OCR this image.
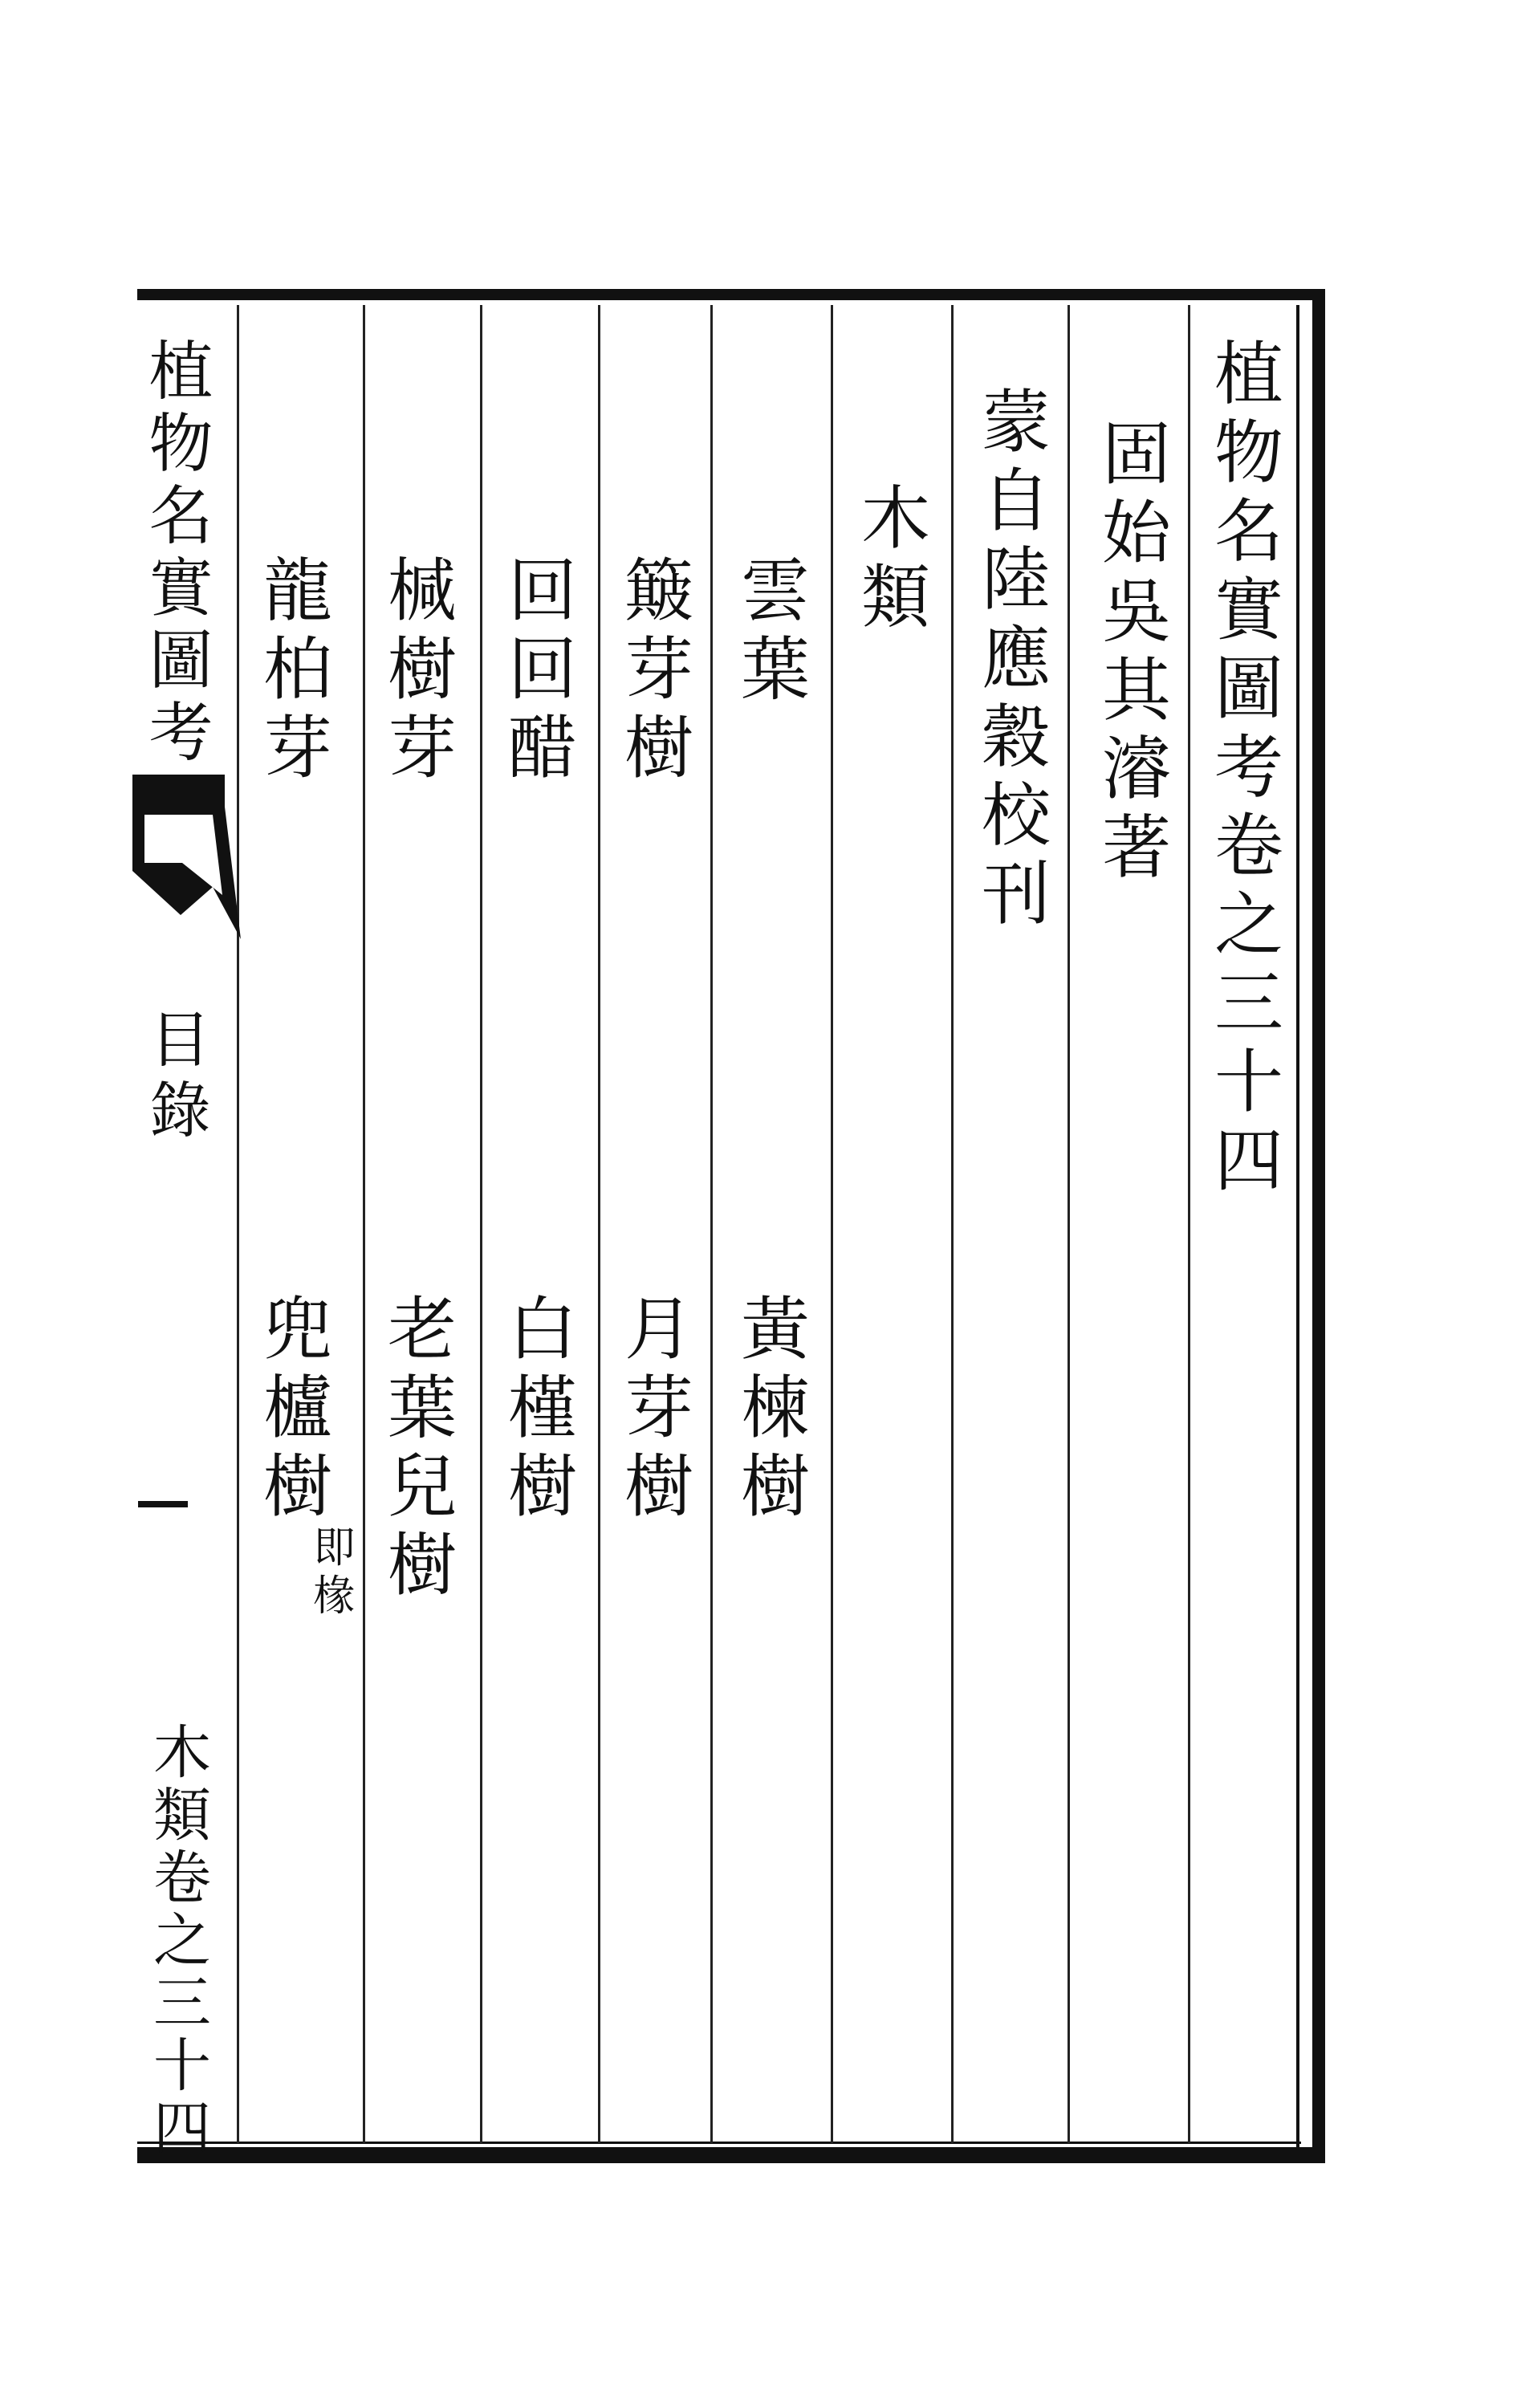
植物名實圖考卷之三十四
固始吳其濬著
蒙自陸應穀校刊
木類
雲葉
簸芽樹
回回醋
椷樹芽
龍柏芽
黃楝樹
月芽樹
白槿樹
老葉兒樹
兜櫨樹
即椽
植物名實圖考
目錄
木類卷之三十四
